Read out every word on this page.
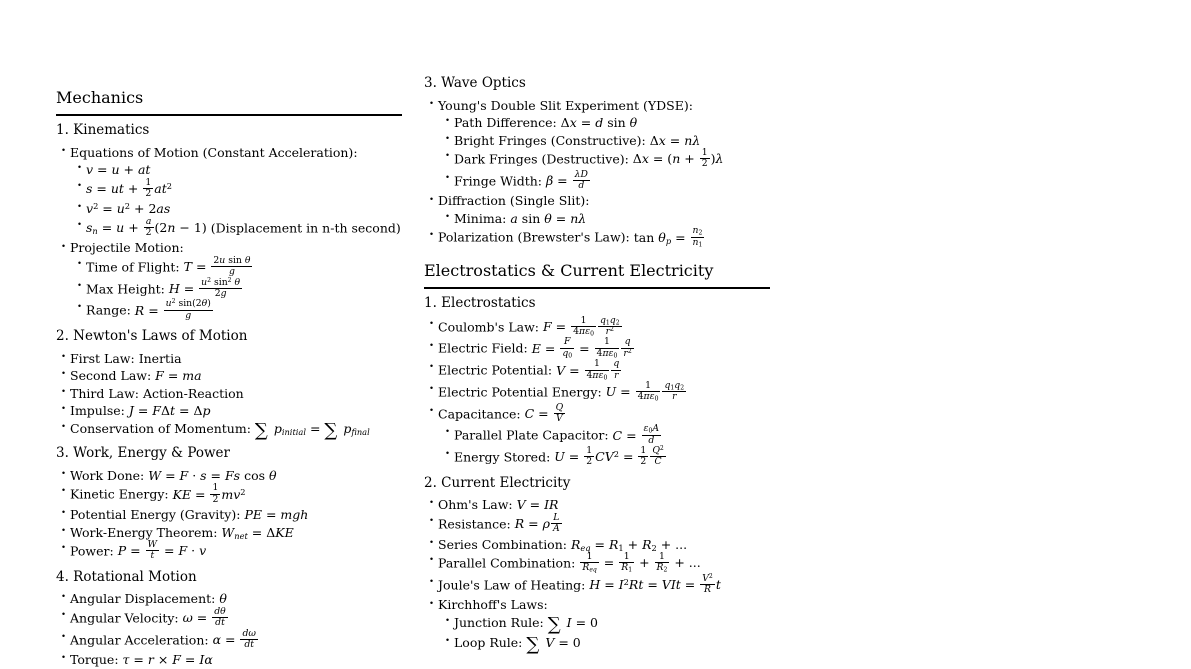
Mechanics
1. Kinematics
• Equations of Motion (Constant Acceleration):
• v = u + at
• s = ut + $\frac{1}{2} at^2$
• $v^2 = u^2 + 2as$
• $s_n = u + \frac{a}{2} (2n - 1)$ (Displacement in n-th second)
• Projectile Motion:
• Time of Flight: $T = \frac{\text{2u sin θ}}{g}$
• Max Height: $H = \frac{u^2 \sin^2 \theta}{2g}$
• Range: $R = \frac{u^2 \sin(2\theta)}{g}$
2. Newton's Laws of Motion
• First Law: Inertia
• Second Law: F = ma
• Third Law: Action-Reaction
• Impulse: J = FΔt = Δp
• Conservation of Momentum: ∑ $p_{initial}$ = ∑ $p_{fnal}$
3. Work, Energy & Power
• Work Done: W = F · s = Fs cos θ
• Kinetic Energy: KE = $\frac{1}{2} mv^2$
• Potential Energy (Gravity): PE = mgh
• Work-Energy Theorem: $W_{net} = \Delta KE$
• Power: $P = \frac{W}{t} = F \cdot v$
4. Rotational Motion
• Angular Displacement: θ
• Angular Velocity: $\omega = \frac{d\theta}{dt}$
• Angular Acceleration: $\alpha = \frac{d\omega}{dt}$
• Torque: τ = r × F = Iα
3. Wave Optics
• Young's Double Slit Experiment (YDSE):
• Path Difference: Δx = d sin θ
• Bright Fringes (Constructive): Δx = nλ
• Dark Fringes (Destructive): $\Delta x = (n + \frac{1}{2} )\lambda$
• Fringe Width: $\beta = \frac{\lambda D}{d}$
• Diffraction (Single Slit):
• Minima: a sin θ = nλ
• Polarization (Brewster's Law): $\tan \theta_p = \frac{n_2}{n_1}$
Electrostatics & Current Electricity
1. Electrostatics
• Coulomb's Law: $F = \frac{1}{4\pi\varepsilon_0} \frac{q_1q_2}{r^2}$
• Electric Field: $E = \frac{F}{q_0} = \frac{1}{4\pi\varepsilon_0} \frac{q}{r^2}$
• Electric Potential: $V = \frac{1}{4\pi\varepsilon_0} \frac{q}{r}$
• Electric Potential Energy: $U = \frac{1}{4\pi\varepsilon_0} \frac{q_1q_2}{r}$
• Capacitance: $C = \frac{Q}{V}$
• Parallel Plate Capacitor: $C = \frac{\varepsilon_0A}{d}$
• Energy Stored: $U = \frac{1}{2} CV^2 = \frac{1}{2} \frac{Q^2}{C}$
2. Current Electricity
• Ohm's Law: V = IR
• Resistance: R = ρ $\frac{L}{A}$
• Series Combination: $R_{eq} = R_1 + R_2$ + ...
• Parallel Combination: $\frac{1}{R_{eq}} = \frac{1}{R_1} + \frac{1}{R_2}$ + ...
• Joule's Law of Heating: $H = I^2Rt$ = VIt = $\frac{V^2}{R}$ t
• Kirchhoff's Laws:
• Junction Rule: ∑ I = 0
• Loop Rule: ∑ V = 0
